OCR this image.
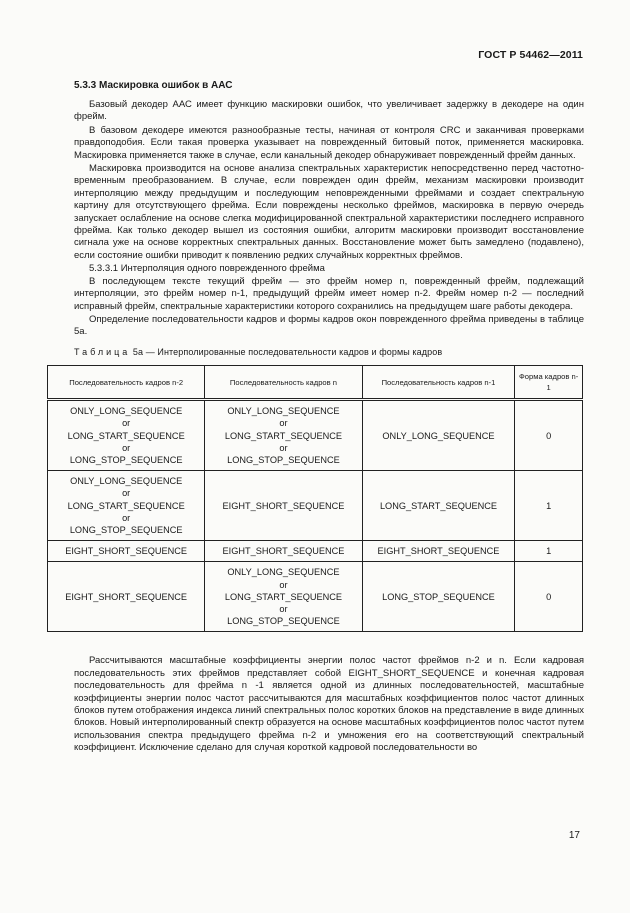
ГОСТ Р 54462—2011
5.3.3 Маскировка ошибок в ААС

Базовый декодер ААС имеет функцию маскировки ошибок, что увеличивает задержку в декодере на один фрейм.

В базовом декодере имеются разнообразные тесты, начиная от контроля CRC и заканчивая проверками правдоподобия. Если такая проверка указывает на поврежденный битовый поток, применяется маскировка. Маскировка применяется также в случае, если канальный декодер обнаруживает поврежденный фрейм данных.

Маскировка производится на основе анализа спектральных характеристик непосредственно перед частотно-временным преобразованием. В случае, если поврежден один фрейм, механизм маскировки производит интерполяцию между предыдущим и последующим неповрежденными фреймами и создает спектральную картину для отсутствующего фрейма. Если повреждены несколько фреймов, маскировка в первую очередь запускает ослабление на основе слегка модифицированной спектральной характеристики последнего исправного фрейма. Как только декодер вышел из состояния ошибки, алгоритм маскировки производит восстановление сигнала уже на основе корректных спектральных данных. Восстановление может быть замедлено (подавлено), если состояние ошибки приводит к появлению редких случайных корректных фреймов.

5.3.3.1 Интерполяция одного поврежденного фрейма

В последующем тексте текущий фрейм — это фрейм номер n, поврежденный фрейм, подлежащий интерполяции, это фрейм номер n-1, предыдущий фрейм имеет номер n-2. Фрейм номер n-2 — последний исправный фрейм, спектральные характеристики которого сохранились на предыдущем шаге работы декодера.

Определение последовательности кадров и формы кадров окон поврежденного фрейма приведены в таблице 5а.

Таблица 5а — Интерполированные последовательности кадров и формы кадров
Последовательность кадров n-2	Последовательность кадров n	Последовательность кадров n-1	Форма кадров n-1
ONLY_LONG_SEQUENCE
or
LONG_START_SEQUENCE
or
LONG_STOP_SEQUENCE	ONLY_LONG_SEQUENCE
or
LONG_START_SEQUENCE
or
LONG_STOP_SEQUENCE	ONLY_LONG_SEQUENCE	0
ONLY_LONG_SEQUENCE
or
LONG_START_SEQUENCE
or
LONG_STOP_SEQUENCE	EIGHT_SHORT_SEQUENCE	LONG_START_SEQUENCE	1
EIGHT_SHORT_SEQUENCE	EIGHT_SHORT_SEQUENCE	EIGHT_SHORT_SEQUENCE	1
EIGHT_SHORT_SEQUENCE	ONLY_LONG_SEQUENCE
or
LONG_START_SEQUENCE
or
LONG_STOP_SEQUENCE	LONG_STOP_SEQUENCE	0

Рассчитываются масштабные коэффициенты энергии полос частот фреймов n-2 и n. Если кадровая последовательность этих фреймов представляет собой EIGHT_SHORT_SEQUENCE и конечная кадровая последовательность для фрейма n -1 является одной из длинных последовательностей, масштабные коэффициенты энергии полос частот рассчитываются для масштабных коэффициентов полос частот длинных блоков путем отображения индекса линий спектральных полос коротких блоков на представление в виде длинных блоков. Новый интерполированный спектр образуется на основе масштабных коэффициентов полос частот путем использования спектра предыдущего фрейма n-2 и умножения его на соответствующий спектральный коэффициент. Исключение сделано для случая короткой кадровой последовательности во

17
